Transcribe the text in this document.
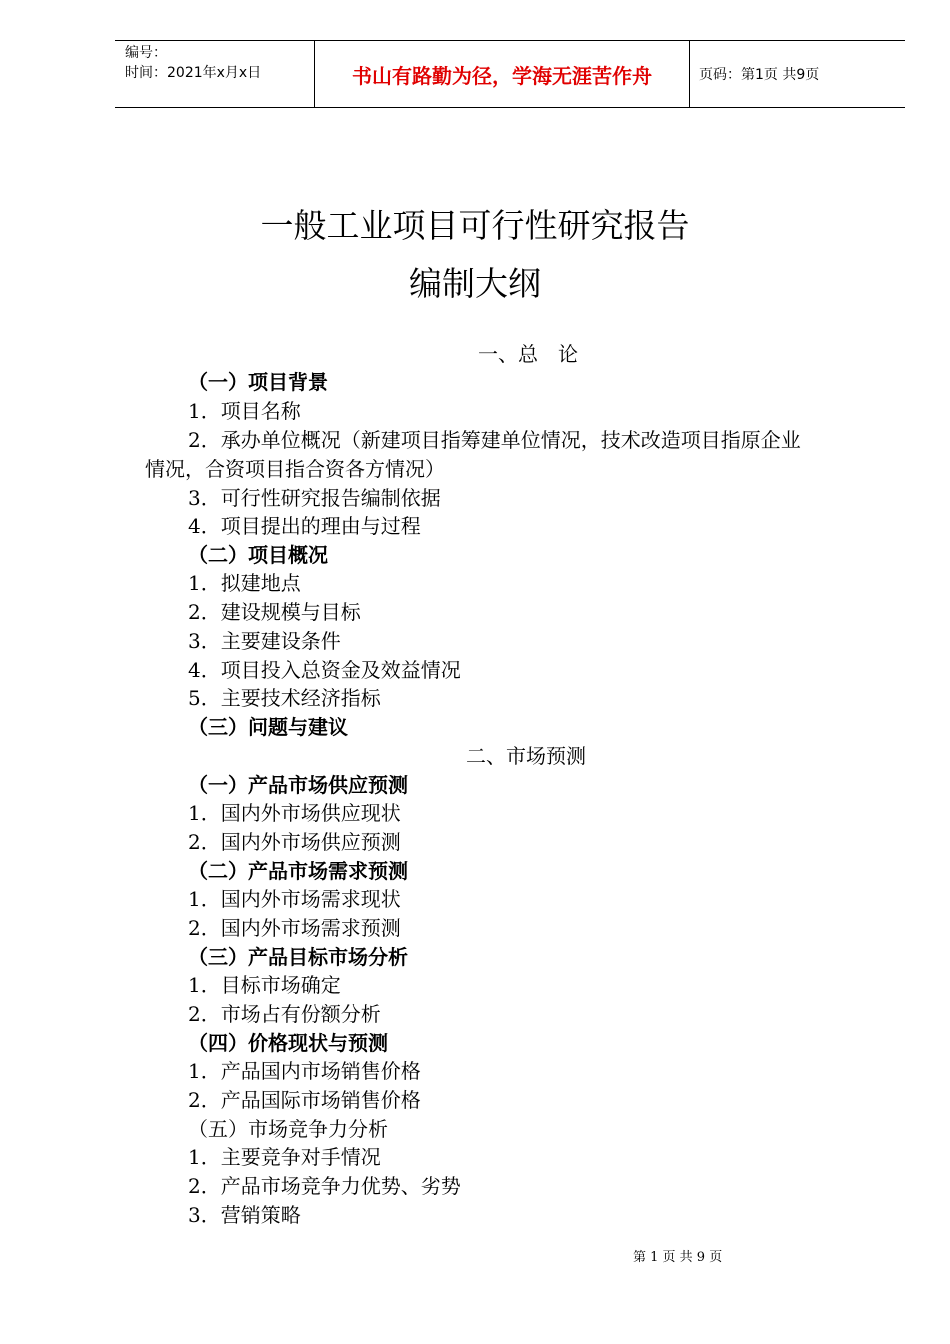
编号：
时间：2021年x月x日	书山有路勤为径，学海无涯苦作舟	页码：第1页 共9页
一般工业项目可行性研究报告
编制大纲
一、总　论
（一）项目背景
1．项目名称
2．承办单位概况（新建项目指筹建单位情况，技术改造项目指原企业
情况，合资项目指合资各方情况）
3．可行性研究报告编制依据
4．项目提出的理由与过程
（二）项目概况
1．拟建地点
2．建设规模与目标
3．主要建设条件
4．项目投入总资金及效益情况
5．主要技术经济指标
（三）问题与建议
二、市场预测
（一）产品市场供应预测
1．国内外市场供应现状
2．国内外市场供应预测
（二）产品市场需求预测
1．国内外市场需求现状
2．国内外市场需求预测
（三）产品目标市场分析
1．目标市场确定
2．市场占有份额分析
（四）价格现状与预测
1．产品国内市场销售价格
2．产品国际市场销售价格
（五）市场竞争力分析
1．主要竞争对手情况
2．产品市场竞争力优势、劣势
3．营销策略
第 1 页 共 9 页
